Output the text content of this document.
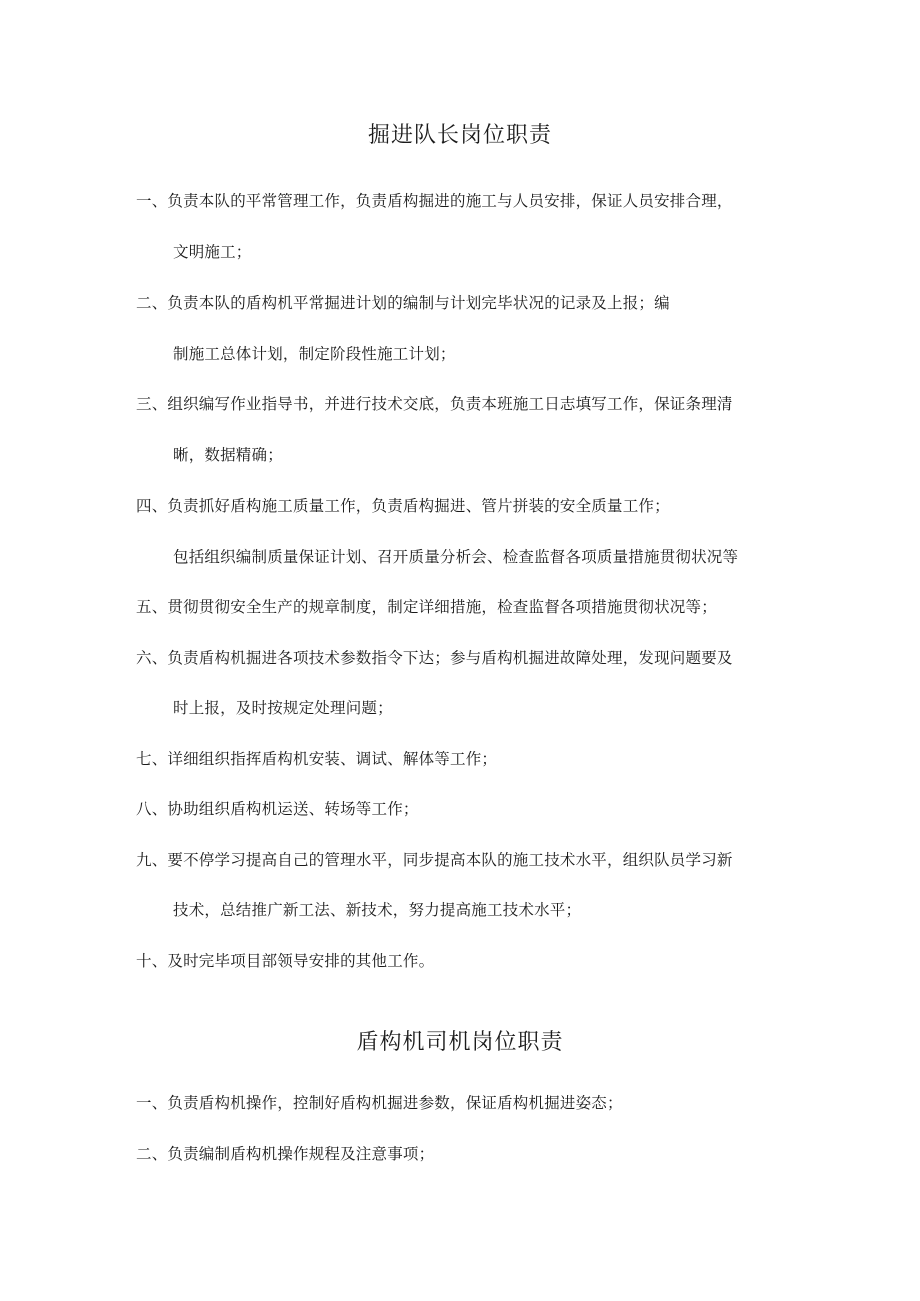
掘进队长岗位职责
一、负责本队的平常管理工作，负责盾构掘进的施工与人员安排，保证人员安排合理，
文明施工；
二、负责本队的盾构机平常掘进计划的编制与计划完毕状况的记录及上报；编
制施工总体计划，制定阶段性施工计划；
三、组织编写作业指导书，并进行技术交底，负责本班施工日志填写工作，保证条理清
晰，数据精确；
四、负责抓好盾构施工质量工作，负责盾构掘进、管片拼装的安全质量工作；
包括组织编制质量保证计划、召开质量分析会、检查监督各项质量措施贯彻状况等
五、贯彻贯彻安全生产的规章制度，制定详细措施，检查监督各项措施贯彻状况等；
六、负责盾构机掘进各项技术参数指令下达；参与盾构机掘进故障处理，发现问题要及
时上报，及时按规定处理问题；
七、详细组织指挥盾构机安装、调试、解体等工作；
八、协助组织盾构机运送、转场等工作；
九、要不停学习提高自己的管理水平，同步提高本队的施工技术水平，组织队员学习新
技术，总结推广新工法、新技术，努力提高施工技术水平；
十、及时完毕项目部领导安排的其他工作。
盾构机司机岗位职责
一、负责盾构机操作，控制好盾构机掘进参数，保证盾构机掘进姿态；
二、负责编制盾构机操作规程及注意事项；
